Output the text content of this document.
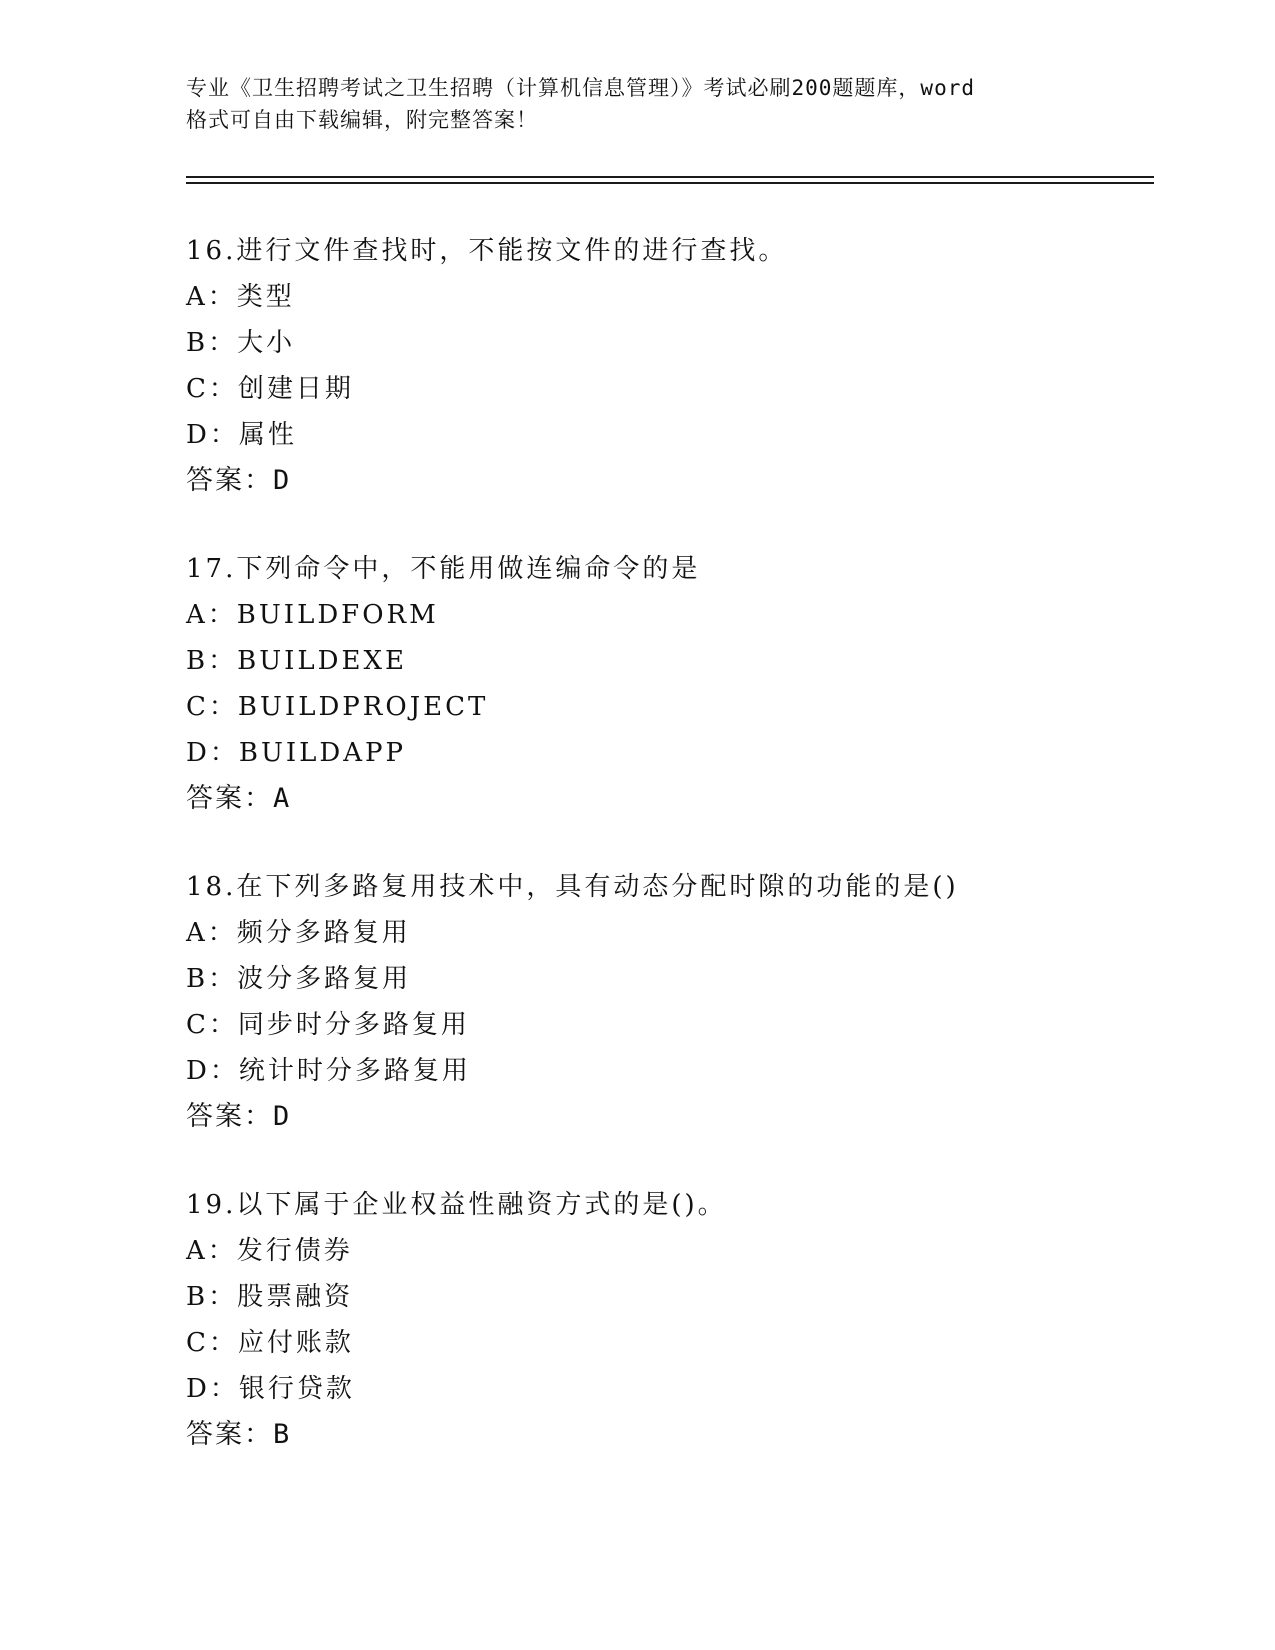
专业《卫生招聘考试之卫生招聘（计算机信息管理）》考试必刷200题题库，word
格式可自由下载编辑，附完整答案！
16.进行文件查找时，不能按文件的进行查找。
A：类型
B：大小
C：创建日期
D：属性
答案：D
17.下列命令中，不能用做连编命令的是
A：BUILDFORM
B：BUILDEXE
C：BUILDPROJECT
D：BUILDAPP
答案：A
18.在下列多路复用技术中，具有动态分配时隙的功能的是()
A：频分多路复用
B：波分多路复用
C：同步时分多路复用
D：统计时分多路复用
答案：D
19.以下属于企业权益性融资方式的是()。
A：发行债券
B：股票融资
C：应付账款
D：银行贷款
答案：B
